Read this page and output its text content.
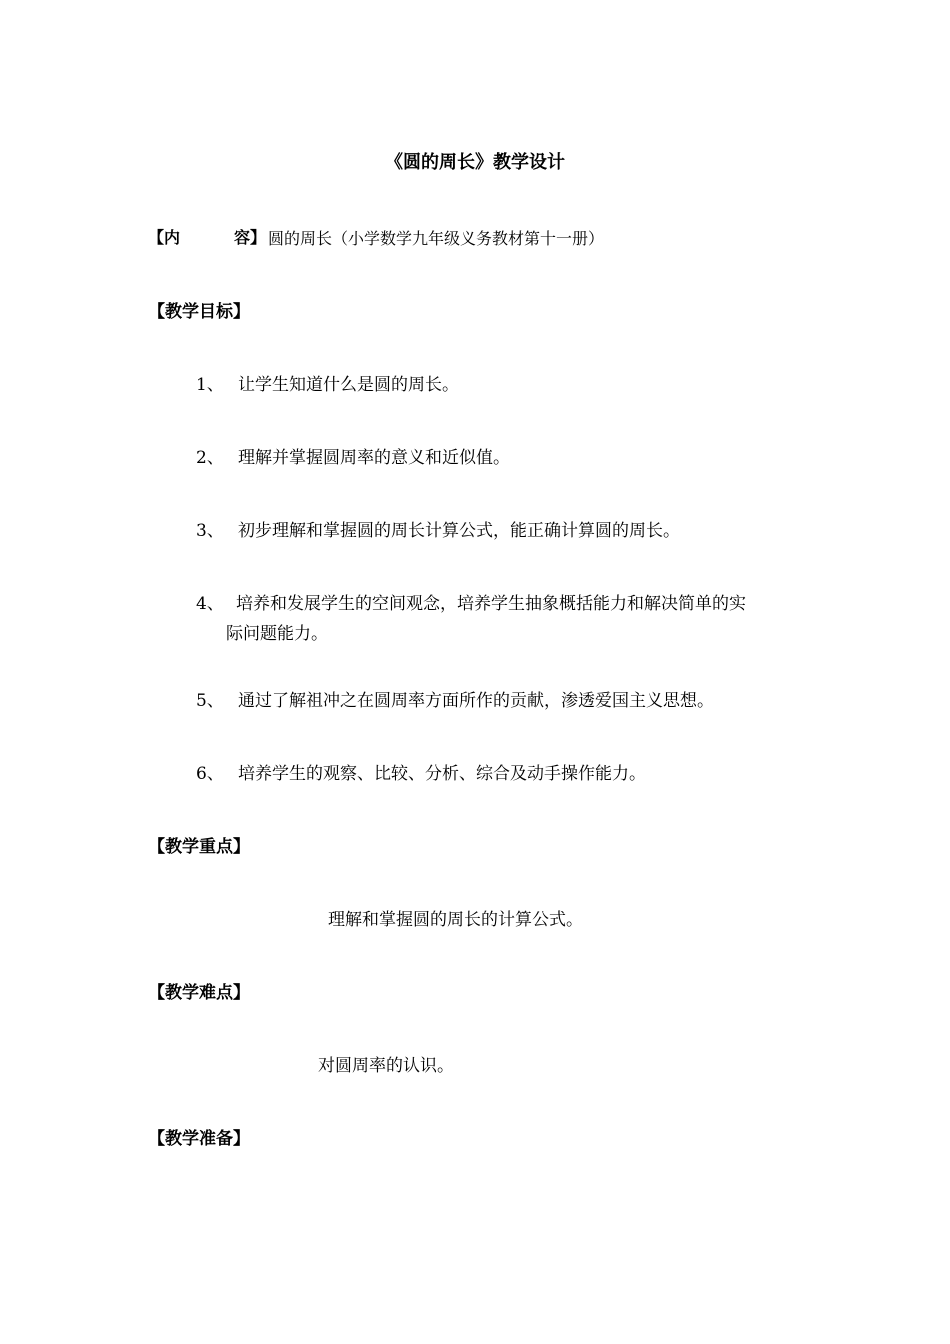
《圆的周长》教学设计
【内	容】 圆的周长（小学数学九年级义务教材第十一册）
【教学目标】
1、 让学生知道什么是圆的周长。
2、 理解并掌握圆周率的意义和近似值。
3、 初步理解和掌握圆的周长计算公式，能正确计算圆的周长。
4、 培养和发展学生的空间观念，培养学生抽象概括能力和解决简单的实
际问题能力。
5、 通过了解祖冲之在圆周率方面所作的贡献，渗透爱国主义思想。
6、 培养学生的观察、比较、分析、综合及动手操作能力。
【教学重点】
理解和掌握圆的周长的计算公式。
【教学难点】
对圆周率的认识。
【教学准备】
